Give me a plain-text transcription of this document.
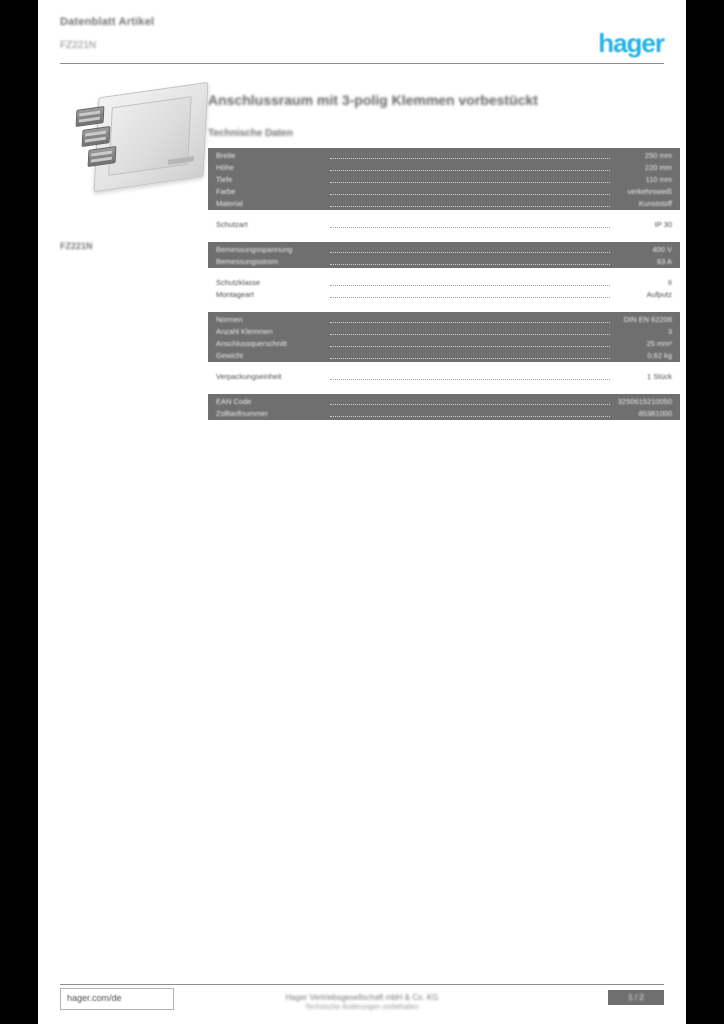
Datenblatt Artikel
FZ221N	hager
FZ221N
Anschlussraum mit 3-polig Klemmen vorbestückt
Technische Daten
Breite	250 mm
Höhe	220 mm
Tiefe	110 mm
Farbe	verkehrsweiß
Material	Kunststoff
Schutzart	IP 30
Bemessungsspannung	400 V
Bemessungsstrom	63 A
Schutzklasse	II
Montageart	Aufputz
Normen	DIN EN 62208
Anzahl Klemmen	3
Anschlussquerschnitt	25 mm²
Gewicht	0,62 kg
Verpackungseinheit	1 Stück
EAN Code	3250615210050
Zolltarifnummer	85381000
hager.com/de	Hager Vertriebsgesellschaft mbH & Co. KG
Technische Änderungen vorbehalten
1 / 2
